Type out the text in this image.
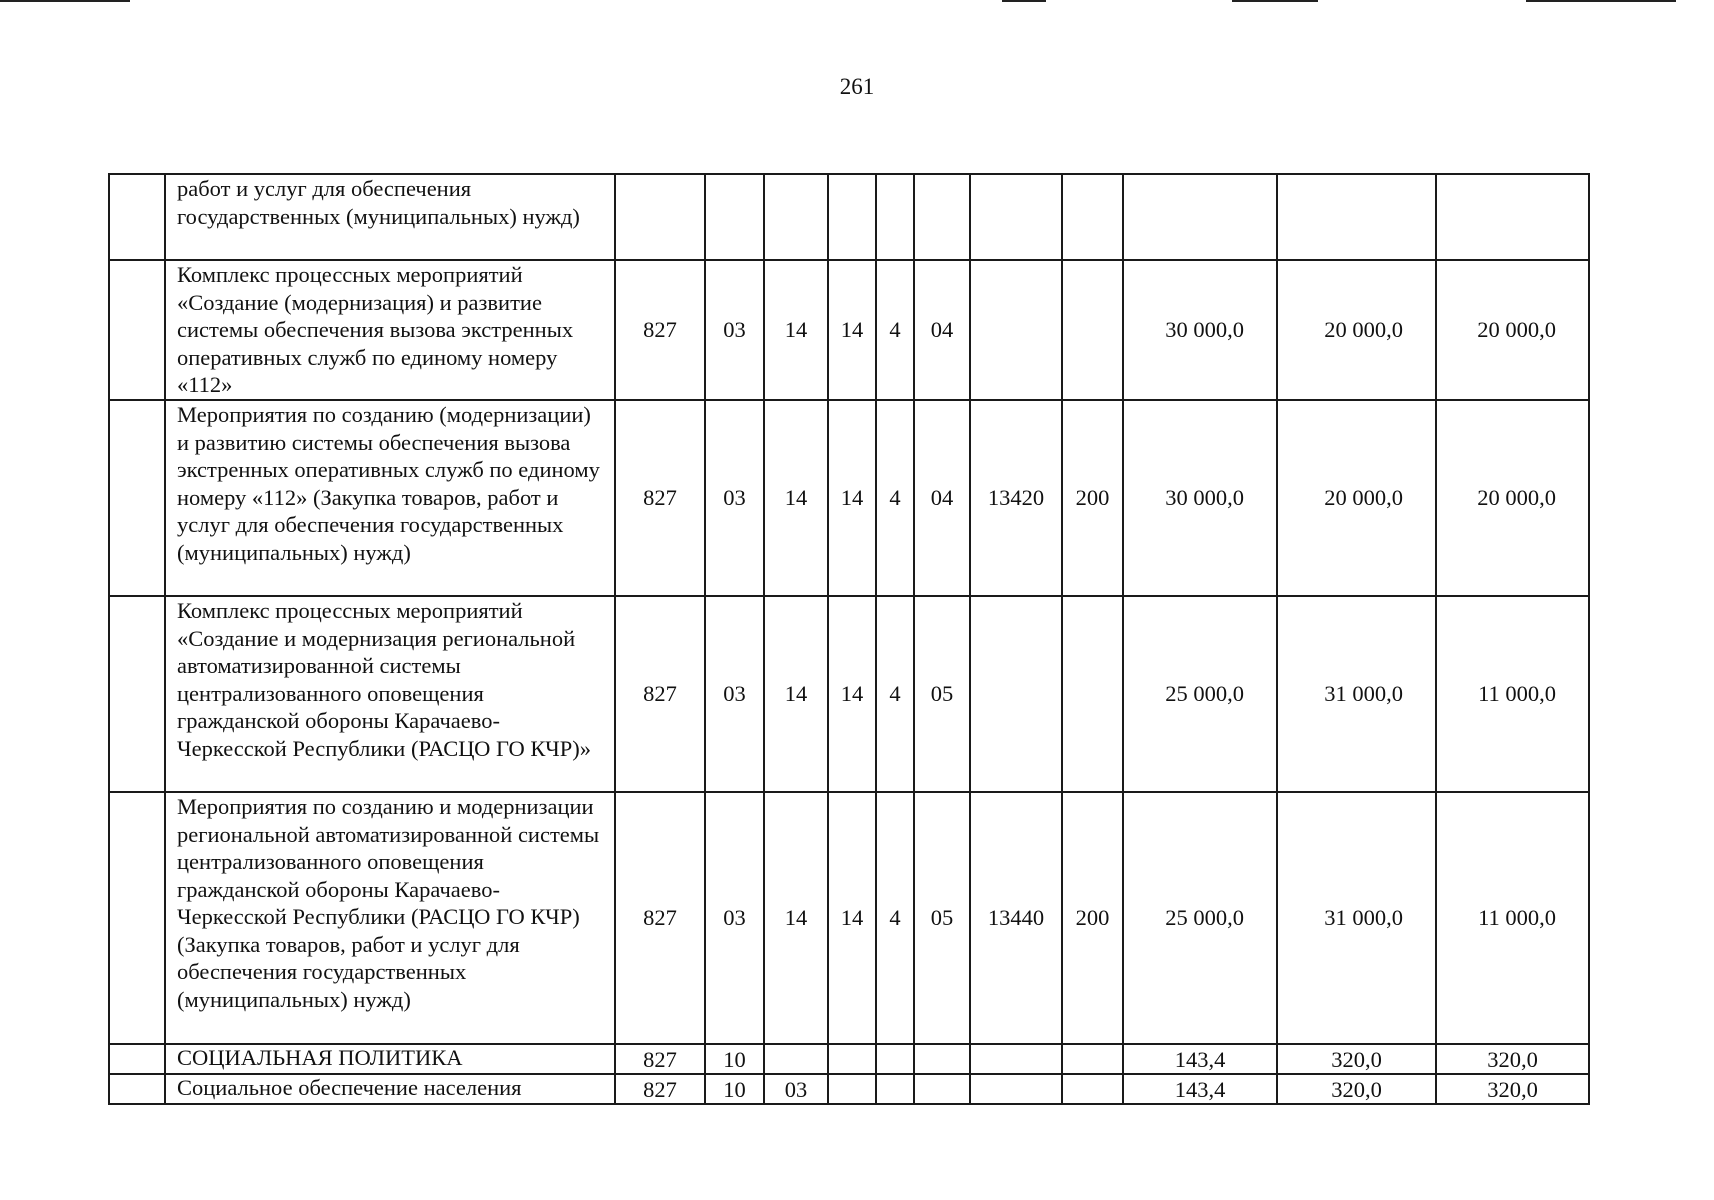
261
	работ и услуг для обеспечения государственных (муниципальных) нужд)											
	Комплекс процессных мероприятий «Создание (модернизация) и развитие системы обеспечения вызова экстренных оперативных служб по единому номеру «112»	827	03	14	14	4	04			30 000,0	20 000,0	20 000,0
	Мероприятия по созданию (модернизации) и развитию системы обеспечения вызова экстренных оперативных служб по единому номеру «112» (Закупка товаров, работ и услуг для обеспечения государственных (муниципальных) нужд)	827	03	14	14	4	04	13420	200	30 000,0	20 000,0	20 000,0
	Комплекс процессных мероприятий «Создание и модернизация региональной автоматизированной системы централизованного оповещения гражданской обороны Карачаево-Черкесской Республики (РАСЦО ГО КЧР)»	827	03	14	14	4	05			25 000,0	31 000,0	11 000,0
	Мероприятия по созданию и модернизации региональной автоматизированной системы централизованного оповещения гражданской обороны Карачаево-Черкесской Республики (РАСЦО ГО КЧР) (Закупка товаров, работ и услуг для обеспечения государственных (муниципальных) нужд)	827	03	14	14	4	05	13440	200	25 000,0	31 000,0	11 000,0
	СОЦИАЛЬНАЯ ПОЛИТИКА	827	10							143,4	320,0	320,0
	Социальное обеспечение населения	827	10	03						143,4	320,0	320,0
